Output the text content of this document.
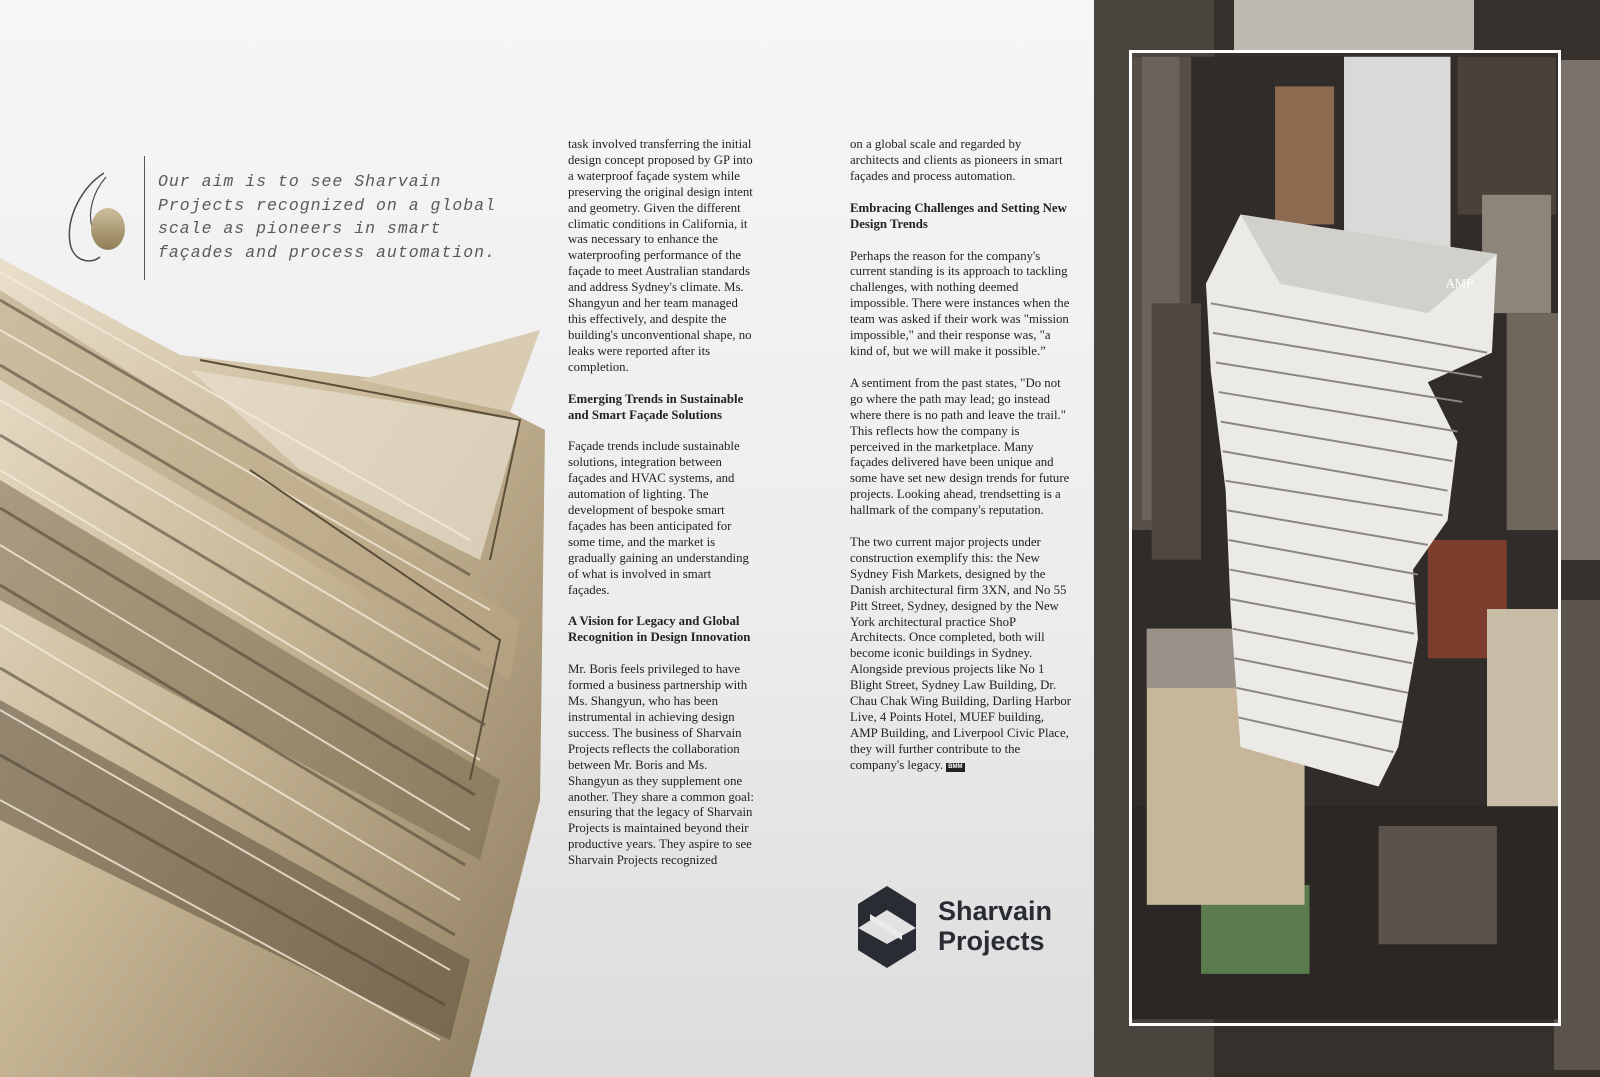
Our aim is to see Sharvain Projects recognized on a global scale as pioneers in smart façades and process automation.

task involved transferring the initial design concept proposed by GP into a waterproof façade system while preserving the original design intent and geometry. Given the different climatic conditions in California, it was necessary to enhance the waterproofing performance of the façade to meet Australian standards and address Sydney's climate. Ms. Shangyun and her team managed this effectively, and despite the building's unconventional shape, no leaks were reported after its completion.

Emerging Trends in Sustainable and Smart Façade Solutions

Façade trends include sustainable solutions, integration between façades and HVAC systems, and automation of lighting. The development of bespoke smart façades has been anticipated for some time, and the market is gradually gaining an understanding of what is involved in smart façades.

A Vision for Legacy and Global Recognition in Design Innovation

Mr. Boris feels privileged to have formed a business partnership with Ms. Shangyun, who has been instrumental in achieving design success. The business of Sharvain Projects reflects the collaboration between Mr. Boris and Ms. Shangyun as they supplement one another. They share a common goal: ensuring that the legacy of Sharvain Projects is maintained beyond their productive years. They aspire to see Sharvain Projects recognized

on a global scale and regarded by architects and clients as pioneers in smart façades and process automation.

Embracing Challenges and Setting New Design Trends

Perhaps the reason for the company's current standing is its approach to tackling challenges, with nothing deemed impossible. There were instances when the team was asked if their work was "mission impossible," and their response was, "a kind of, but we will make it possible.”

A sentiment from the past states, "Do not go where the path may lead; go instead where there is no path and leave the trail." This reflects how the company is perceived in the marketplace. Many façades delivered have been unique and some have set new design trends for future projects. Looking ahead, trendsetting is a hallmark of the company's reputation.

The two current major projects under construction exemplify this: the New Sydney Fish Markets, designed by the Danish architectural firm 3XN, and No 55 Pitt Street, Sydney, designed by the New York architectural practice ShoP Architects. Once completed, both will become iconic buildings in Sydney. Alongside previous projects like No 1 Blight Street, Sydney Law Building, Dr. Chau Chak Wing Building, Darling Harbor Live, 4 Points Hotel, MUEF building, AMP Building, and Liverpool Civic Place, they will further contribute to the company's legacy. BMM

Sharvain
Projects
AMP
